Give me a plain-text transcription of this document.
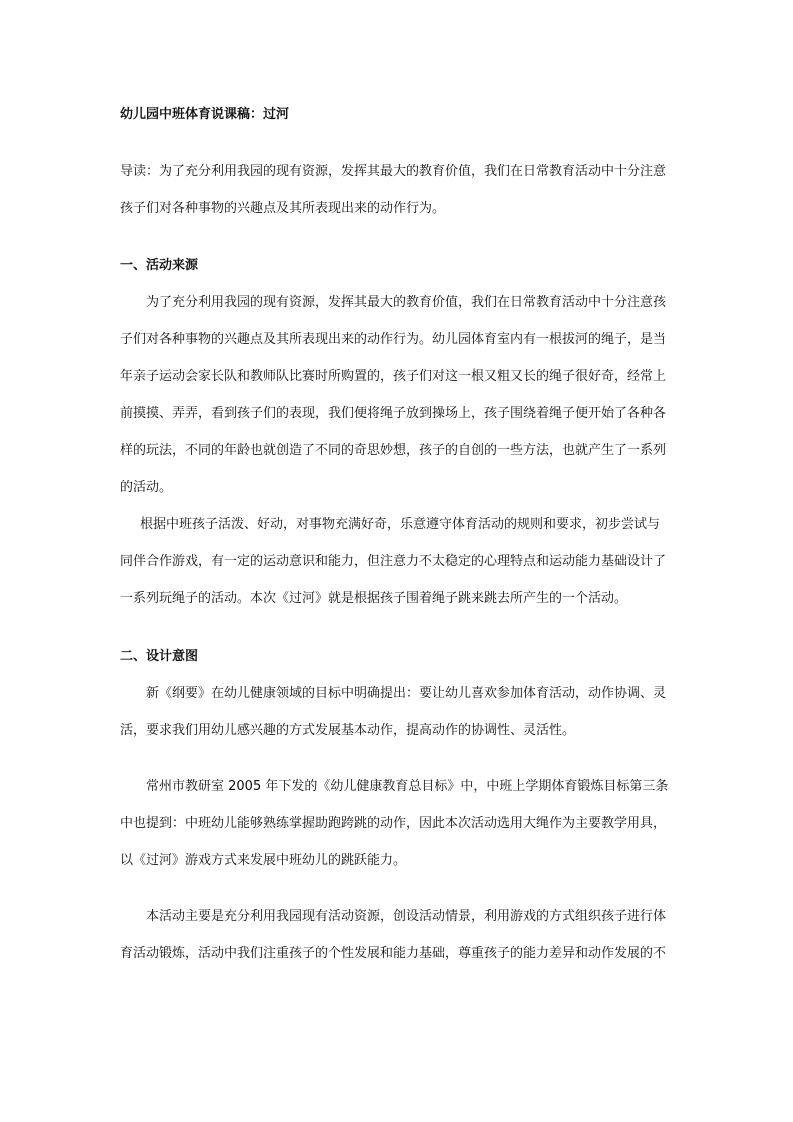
幼儿园中班体育说课稿：过河
导读：为了充分利用我园的现有资源，发挥其最大的教育价值，我们在日常教育活动中十分注意
孩子们对各种事物的兴趣点及其所表现出来的动作行为。
一、活动来源
为了充分利用我园的现有资源，发挥其最大的教育价值，我们在日常教育活动中十分注意孩
子们对各种事物的兴趣点及其所表现出来的动作行为。幼儿园体育室内有一根拔河的绳子，是当
年亲子运动会家长队和教师队比赛时所购置的，孩子们对这一根又粗又长的绳子很好奇，经常上
前摸摸、弄弄，看到孩子们的表现，我们便将绳子放到操场上，孩子围绕着绳子便开始了各种各
样的玩法，不同的年龄也就创造了不同的奇思妙想，孩子的自创的一些方法，也就产生了一系列
的活动。
根据中班孩子活泼、好动，对事物充满好奇，乐意遵守体育活动的规则和要求，初步尝试与
同伴合作游戏，有一定的运动意识和能力，但注意力不太稳定的心理特点和运动能力基础设计了
一系列玩绳子的活动。本次《过河》就是根据孩子围着绳子跳来跳去所产生的一个活动。
二、设计意图
新《纲要》在幼儿健康领域的目标中明确提出：要让幼儿喜欢参加体育活动，动作协调、灵
活，要求我们用幼儿感兴趣的方式发展基本动作，提高动作的协调性、灵活性。
常州市教研室 2005 年下发的《幼儿健康教育总目标》中，中班上学期体育锻炼目标第三条
中也提到：中班幼儿能够熟练掌握助跑跨跳的动作，因此本次活动选用大绳作为主要教学用具，
以《过河》游戏方式来发展中班幼儿的跳跃能力。
本活动主要是充分利用我园现有活动资源，创设活动情景，利用游戏的方式组织孩子进行体
育活动锻炼，活动中我们注重孩子的个性发展和能力基础，尊重孩子的能力差异和动作发展的不
